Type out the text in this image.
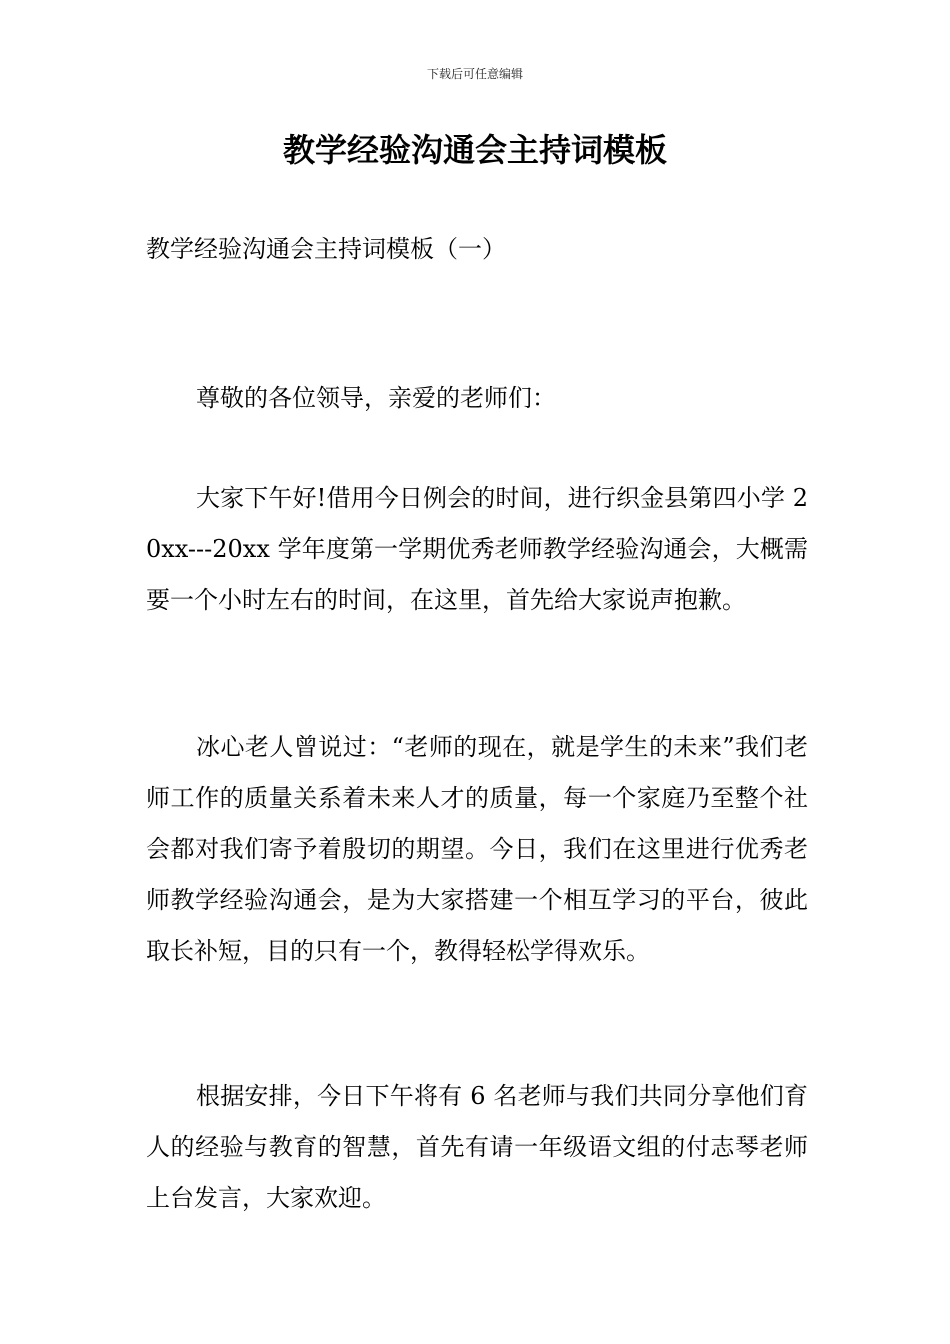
下载后可任意编辑
教学经验沟通会主持词模板

教学经验沟通会主持词模板（一）

尊敬的各位领导，亲爱的老师们：

大家下午好!借用今日例会的时间，进行织金县第四小学 20xx---20xx 学年度第一学期优秀老师教学经验沟通会，大概需要一个小时左右的时间，在这里，首先给大家说声抱歉。

冰心老人曾说过：“老师的现在，就是学生的未来”我们老师工作的质量关系着未来人才的质量，每一个家庭乃至整个社会都对我们寄予着殷切的期望。今日，我们在这里进行优秀老师教学经验沟通会，是为大家搭建一个相互学习的平台，彼此取长补短，目的只有一个，教得轻松学得欢乐。

根据安排，今日下午将有 6 名老师与我们共同分享他们育人的经验与教育的智慧，首先有请一年级语文组的付志琴老师上台发言，大家欢迎。
